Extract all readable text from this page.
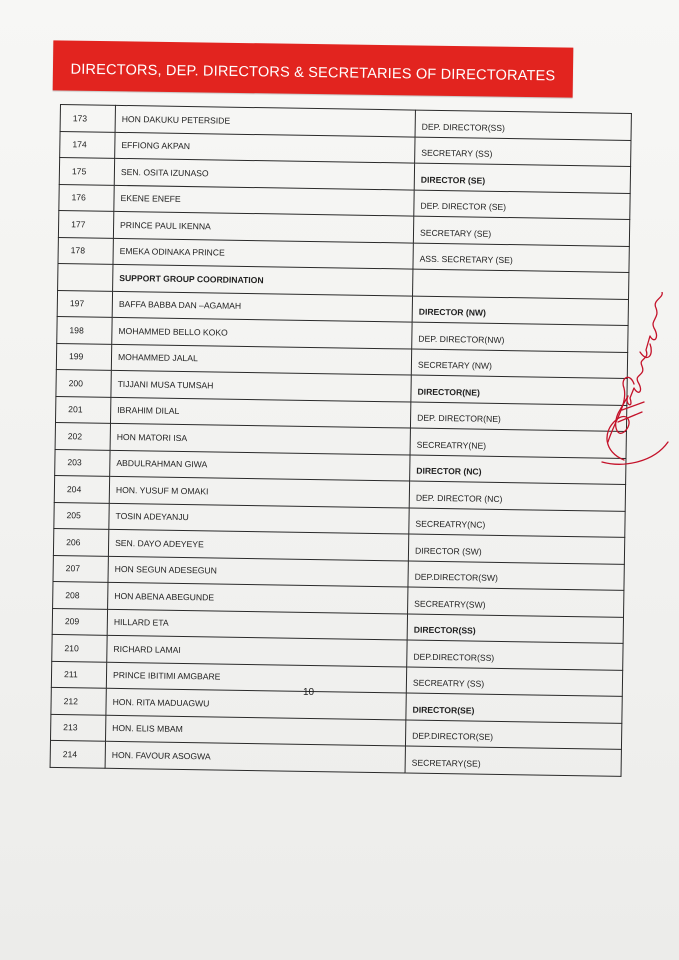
DIRECTORS, DEP. DIRECTORS & SECRETARIES OF DIRECTORATES
173	HON DAKUKU PETERSIDE	DEP. DIRECTOR(SS)
174	EFFIONG AKPAN	SECRETARY (SS)
175	SEN. OSITA IZUNASO	DIRECTOR (SE)
176	EKENE ENEFE	DEP. DIRECTOR (SE)
177	PRINCE PAUL IKENNA	SECRETARY (SE)
178	EMEKA ODINAKA PRINCE	ASS. SECRETARY (SE)
	SUPPORT GROUP COORDINATION	
197	BAFFA BABBA DAN –AGAMAH	DIRECTOR (NW)
198	MOHAMMED BELLO KOKO	DEP. DIRECTOR(NW)
199	MOHAMMED JALAL	SECRETARY (NW)
200	TIJJANI MUSA TUMSAH	DIRECTOR(NE)
201	IBRAHIM DILAL	DEP. DIRECTOR(NE)
202	HON MATORI ISA	SECREATRY(NE)
203	ABDULRAHMAN GIWA	DIRECTOR (NC)
204	HON. YUSUF M OMAKI	DEP. DIRECTOR (NC)
205	TOSIN ADEYANJU	SECREATRY(NC)
206	SEN. DAYO ADEYEYE	DIRECTOR (SW)
207	HON SEGUN ADESEGUN	DEP.DIRECTOR(SW)
208	HON ABENA ABEGUNDE	SECREATRY(SW)
209	HILLARD ETA	DIRECTOR(SS)
210	RICHARD LAMAI	DEP.DIRECTOR(SS)
211	PRINCE IBITIMI AMGBARE	SECREATRY (SS)
212	HON. RITA MADUAGWU	DIRECTOR(SE)
213	HON. ELIS MBAM	DEP.DIRECTOR(SE)
214	HON. FAVOUR ASOGWA	SECRETARY(SE)
10
